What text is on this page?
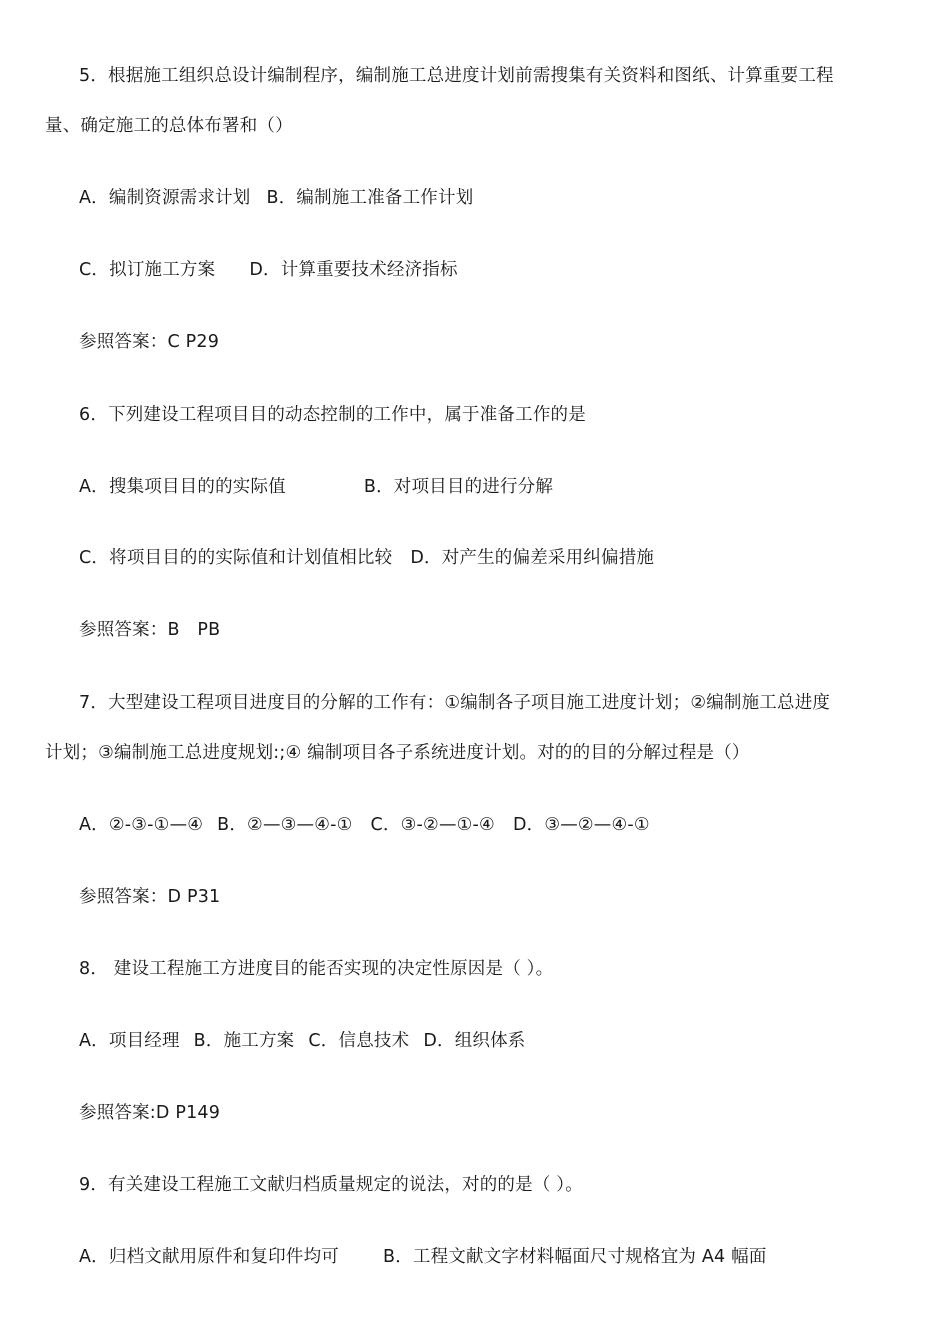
5．根据施工组织总设计编制程序，编制施工总进度计划前需搜集有关资料和图纸、计算重要工程
量、确定施工的总体布署和（）
A．编制资源需求计划 B．编制施工准备工作计划
C．拟订施工方案 D．计算重要技术经济指标
参照答案：C P29
6．下列建设工程项目目的动态控制的工作中，属于准备工作的是
A．搜集项目目的的实际值	B．对项目目的进行分解
C．将项目目的的实际值和计划值相比较 D．对产生的偏差采用纠偏措施
参照答案：B　PB
7．大型建设工程项目进度目的分解的工作有：①编制各子项目施工进度计划；②编制施工总进度
计划；③编制施工总进度规划:;④ 编制项目各子系统进度计划。对的的目的分解过程是（）
A．②-③-①—④ B．②—③—④-① C．③-②—①-④ D．③—②—④-①
参照答案：D P31
8． 建设工程施工方进度目的能否实现的决定性原因是（ ）。
A．项目经理 B．施工方案 C．信息技术 D．组织体系
参照答案:D P149
9．有关建设工程施工文献归档质量规定的说法，对的的是（ ）。
A．归档文献用原件和复印件均可	B．工程文献文字材料幅面尺寸规格宜为 A4 幅面
